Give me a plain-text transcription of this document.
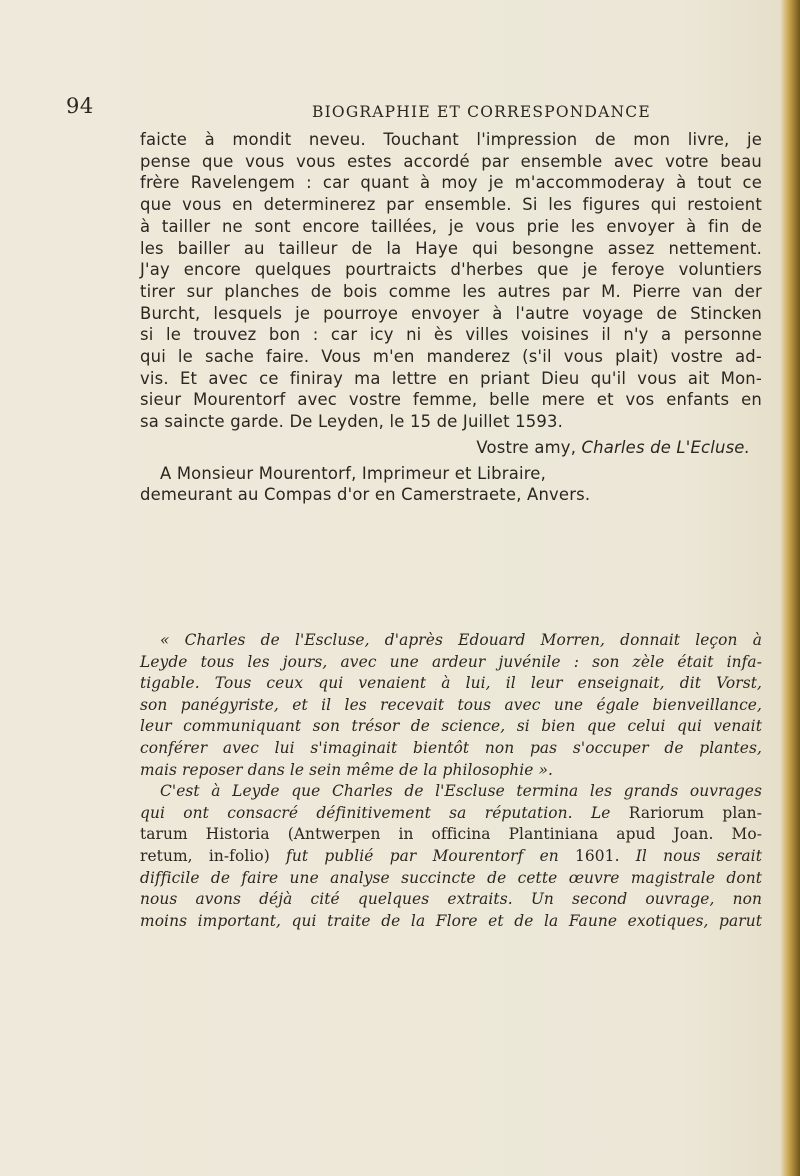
94	BIOGRAPHIE ET CORRESPONDANCE
faicte à mondit neveu. Touchant l'impression de mon livre, je
pense que vous vous estes accordé par ensemble avec votre beau
frère Ravelengem : car quant à moy je m'accommoderay à tout ce
que vous en determinerez par ensemble. Si les figures qui restoient
à tailler ne sont encore taillées, je vous prie les envoyer à fin de
les bailler au tailleur de la Haye qui besongne assez nettement.
J'ay encore quelques pourtraicts d'herbes que je feroye voluntiers
tirer sur planches de bois comme les autres par M. Pierre van der
Burcht, lesquels je pourroye envoyer à l'autre voyage de Stincken
si le trouvez bon : car icy ni ès villes voisines il n'y a personne
qui le sache faire. Vous m'en manderez (s'il vous plait) vostre ad-
vis. Et avec ce finiray ma lettre en priant Dieu qu'il vous ait Mon-
sieur Mourentorf avec vostre femme, belle mere et vos enfants en
sa saincte garde. De Leyden, le 15 de Juillet 1593.
Vostre amy, Charles de L'Ecluse.
A Monsieur Mourentorf, Imprimeur et Libraire,
demeurant au Compas d'or en Camerstraete, Anvers.
« Charles de l'Escluse, d'après Edouard Morren, donnait leçon à
Leyde tous les jours, avec une ardeur juvénile : son zèle était infa-
tigable. Tous ceux qui venaient à lui, il leur enseignait, dit Vorst,
son panégyriste, et il les recevait tous avec une égale bienveillance,
leur communiquant son trésor de science, si bien que celui qui venait
conférer avec lui s'imaginait bientôt non pas s'occuper de plantes,
mais reposer dans le sein même de la philosophie ».
C'est à Leyde que Charles de l'Escluse termina les grands ouvrages
qui ont consacré définitivement sa réputation. Le Rariorum plan-
tarum Historia (Antwerpen in officina Plantiniana apud Joan. Mo-
retum, in-folio) fut publié par Mourentorf en 1601. Il nous serait
difficile de faire une analyse succincte de cette œuvre magistrale dont
nous avons déjà cité quelques extraits. Un second ouvrage, non
moins important, qui traite de la Flore et de la Faune exotiques, parut
